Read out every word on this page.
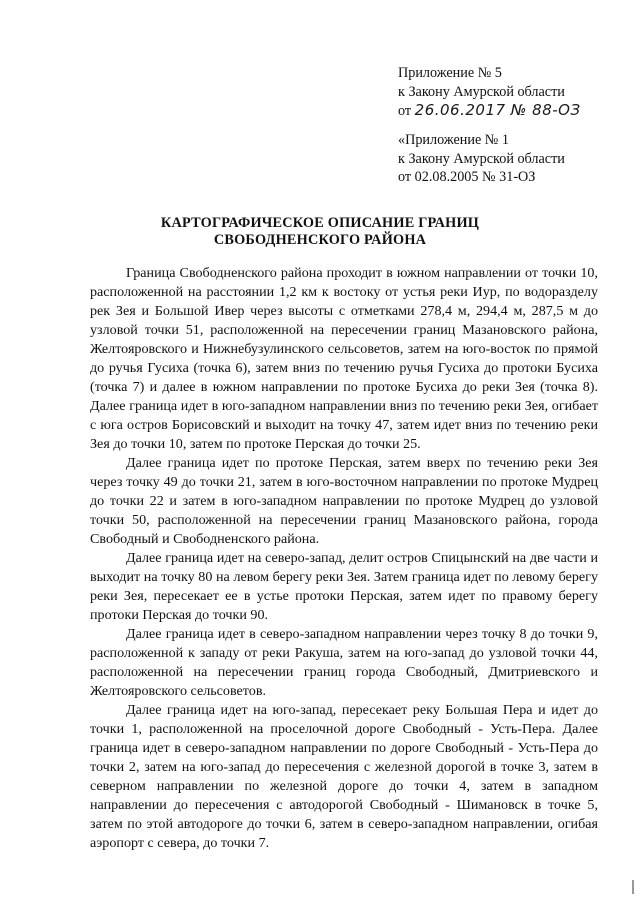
Приложение № 5
к Закону Амурской области
от 26.06.2017 № 88-ОЗ
«Приложение № 1
к Закону Амурской области
от 02.08.2005 № 31-ОЗ
КАРТОГРАФИЧЕСКОЕ ОПИСАНИЕ ГРАНИЦ
СВОБОДНЕНСКОГО РАЙОНА

Граница Свободненского района проходит в южном направлении от точки 10, расположенной на расстоянии 1,2 км к востоку от устья реки Иур, по водоразделу рек Зея и Большой Ивер через высоты с отметками 278,4 м, 294,4 м, 287,5 м до узловой точки 51, расположенной на пересечении границ Мазановского района, Желтояровского и Нижнебузулинского сельсоветов, затем на юго-восток по прямой до ручья Гусиха (точка 6), затем вниз по течению ручья Гусиха до протоки Бусиха (точка 7) и далее в южном направлении по протоке Бусиха до реки Зея (точка 8). Далее граница идет в юго-западном направлении вниз по течению реки Зея, огибает с юга остров Борисовский и выходит на точку 47, затем идет вниз по течению реки Зея до точки 10, затем по протоке Перская до точки 25.

Далее граница идет по протоке Перская, затем вверх по течению реки Зея через точку 49 до точки 21, затем в юго-восточном направлении по протоке Мудрец до точки 22 и затем в юго-западном направлении по протоке Мудрец до узловой точки 50, расположенной на пересечении границ Мазановского района, города Свободный и Свободненского района.

Далее граница идет на северо-запад, делит остров Спицынский на две части и выходит на точку 80 на левом берегу реки Зея. Затем граница идет по левому берегу реки Зея, пересекает ее в устье протоки Перская, затем идет по правому берегу протоки Перская до точки 90.

Далее граница идет в северо-западном направлении через точку 8 до точки 9, расположенной к западу от реки Ракуша, затем на юго-запад до узловой точки 44, расположенной на пересечении границ города Свободный, Дмитриевского и Желтояровского сельсоветов.

Далее граница идет на юго-запад, пересекает реку Большая Пера и идет до точки 1, расположенной на проселочной дороге Свободный - Усть-Пера. Далее граница идет в северо-западном направлении по дороге Свободный - Усть-Пера до точки 2, затем на юго-запад до пересечения с железной дорогой в точке 3, затем в северном направлении по железной дороге до точки 4, затем в западном направлении до пересечения с автодорогой Свободный - Шимановск в точке 5, затем по этой автодороге до точки 6, затем в северо-западном направлении, огибая аэропорт с севера, до точки 7.
